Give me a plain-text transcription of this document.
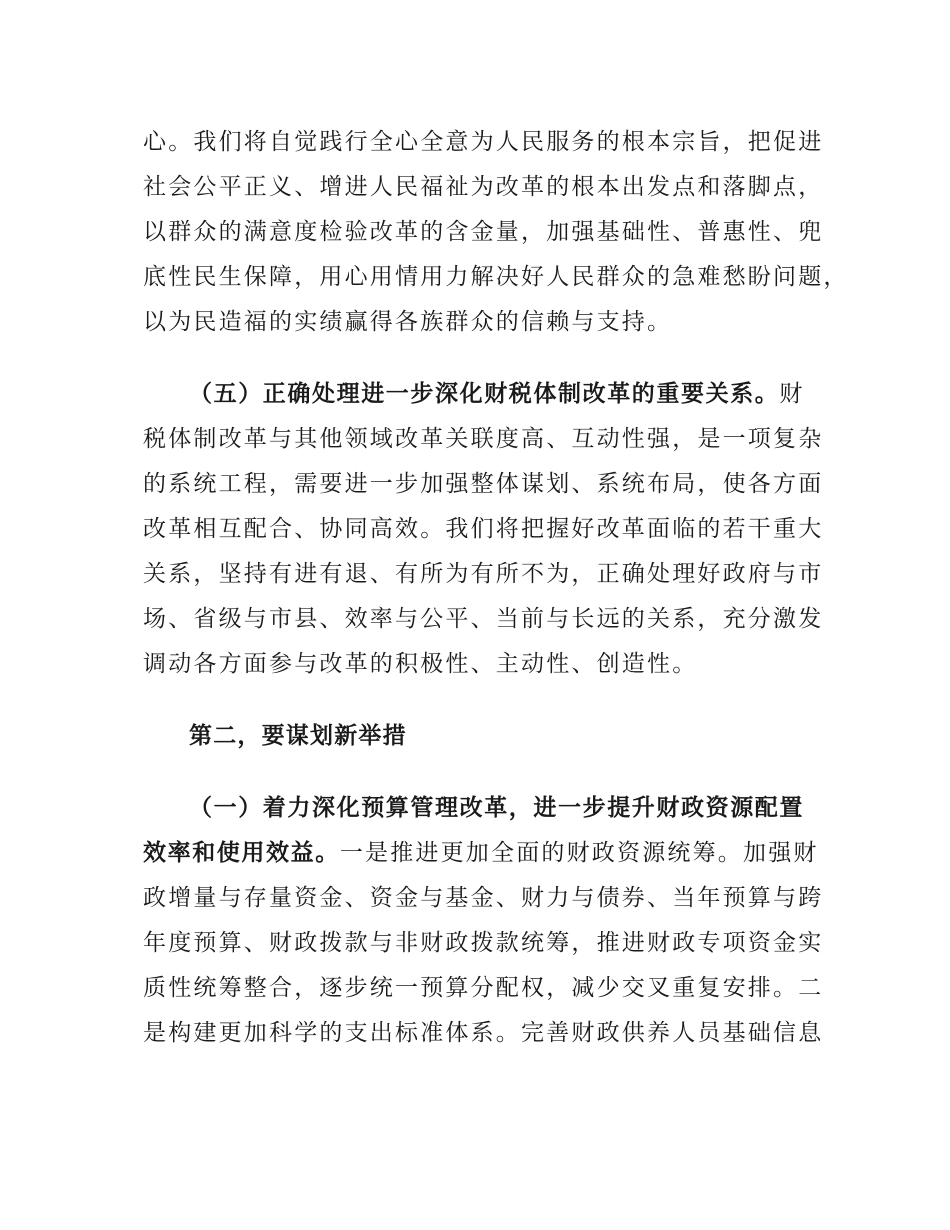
心。我们将自觉践行全心全意为人民服务的根本宗旨，把促进
社会公平正义、增进人民福祉为改革的根本出发点和落脚点，
以群众的满意度检验改革的含金量，加强基础性、普惠性、兜
底性民生保障，用心用情用力解决好人民群众的急难愁盼问题，
以为民造福的实绩赢得各族群众的信赖与支持。
（五）正确处理进一步深化财税体制改革的重要关系。财
税体制改革与其他领域改革关联度高、互动性强，是一项复杂
的系统工程，需要进一步加强整体谋划、系统布局，使各方面
改革相互配合、协同高效。我们将把握好改革面临的若干重大
关系，坚持有进有退、有所为有所不为，正确处理好政府与市
场、省级与市县、效率与公平、当前与长远的关系，充分激发
调动各方面参与改革的积极性、主动性、创造性。
第二，要谋划新举措
（一）着力深化预算管理改革，进一步提升财政资源配置
效率和使用效益。一是推进更加全面的财政资源统筹。加强财
政增量与存量资金、资金与基金、财力与债券、当年预算与跨
年度预算、财政拨款与非财政拨款统筹，推进财政专项资金实
质性统筹整合，逐步统一预算分配权，减少交叉重复安排。二
是构建更加科学的支出标准体系。完善财政供养人员基础信息
